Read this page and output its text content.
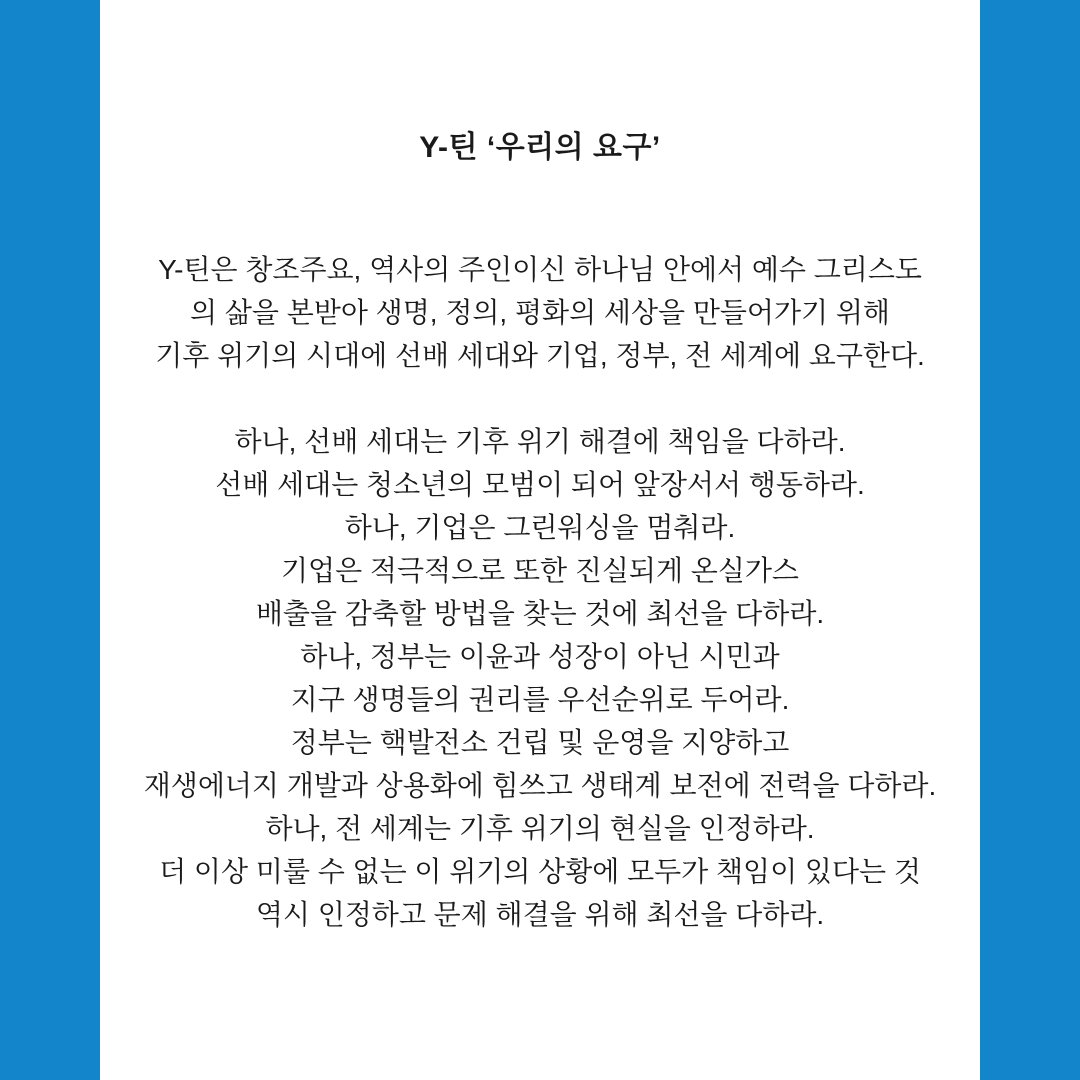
Y-틴 ‘우리의 요구’
Y-틴은 창조주요, 역사의 주인이신 하나님 안에서 예수 그리스도
의 삶을 본받아 생명, 정의, 평화의 세상을 만들어가기 위해
기후 위기의 시대에 선배 세대와 기업, 정부, 전 세계에 요구한다.
하나, 선배 세대는 기후 위기 해결에 책임을 다하라.
선배 세대는 청소년의 모범이 되어 앞장서서 행동하라.
하나, 기업은 그린워싱을 멈춰라.
기업은 적극적으로 또한 진실되게 온실가스
배출을 감축할 방법을 찾는 것에 최선을 다하라.
하나, 정부는 이윤과 성장이 아닌 시민과
지구 생명들의 권리를 우선순위로 두어라.
정부는 핵발전소 건립 및 운영을 지양하고
재생에너지 개발과 상용화에 힘쓰고 생태계 보전에 전력을 다하라.
하나, 전 세계는 기후 위기의 현실을 인정하라.
더 이상 미룰 수 없는 이 위기의 상황에 모두가 책임이 있다는 것
역시 인정하고 문제 해결을 위해 최선을 다하라.
